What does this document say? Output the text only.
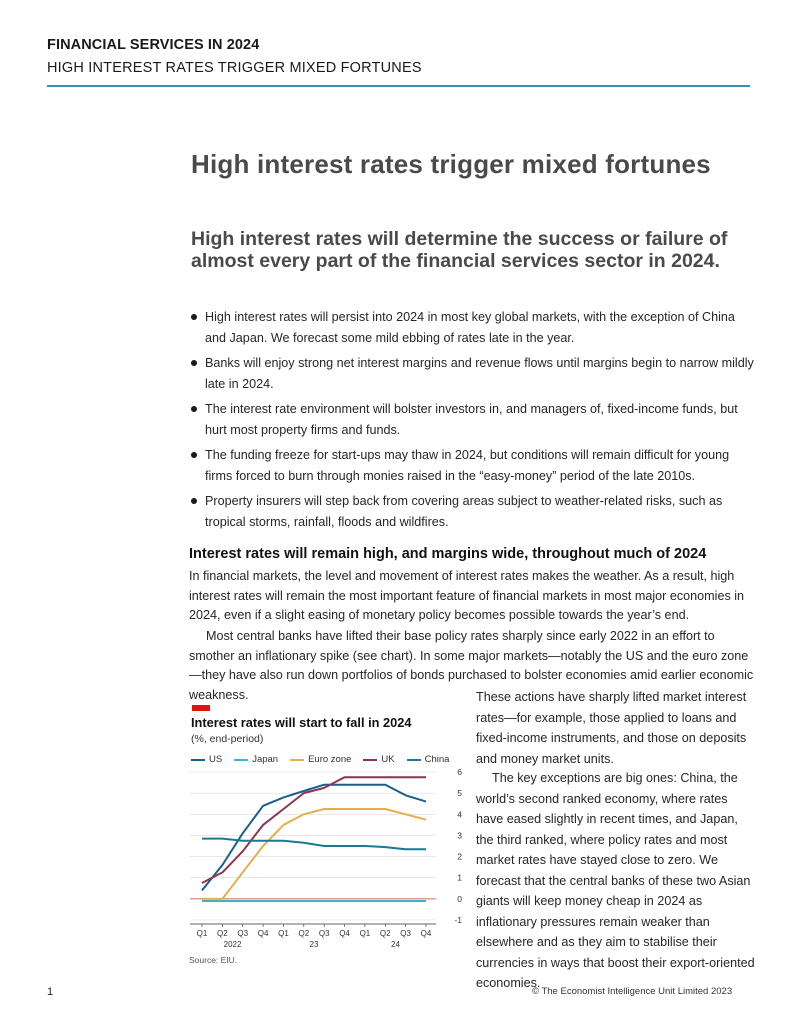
FINANCIAL SERVICES IN 2024
HIGH INTEREST RATES TRIGGER MIXED FORTUNES
High interest rates trigger mixed fortunes
High interest rates will determine the success or failure of almost every part of the financial services sector in 2024.
High interest rates will persist into 2024 in most key global markets, with the exception of China and Japan. We forecast some mild ebbing of rates late in the year.
Banks will enjoy strong net interest margins and revenue flows until margins begin to narrow mildly late in 2024.
The interest rate environment will bolster investors in, and managers of, fixed-income funds, but hurt most property firms and funds.
The funding freeze for start-ups may thaw in 2024, but conditions will remain difficult for young firms forced to burn through monies raised in the “easy-money” period of the late 2010s.
Property insurers will step back from covering areas subject to weather-related risks, such as tropical storms, rainfall, floods and wildfires.
Interest rates will remain high, and margins wide, throughout much of 2024

In financial markets, the level and movement of interest rates makes the weather. As a result, high interest rates will remain the most important feature of financial markets in most major economies in 2024, even if a slight easing of monetary policy becomes possible towards the year’s end.

Most central banks have lifted their base policy rates sharply since early 2022 in an effort to smother an inflationary spike (see chart). In some major markets—notably the US and the euro zone—they have also run down portfolios of bonds purchased to bolster economies amid earlier economic weakness.	These actions have sharply lifted market interest rates—for example, those applied to loans and fixed-income instruments, and those on deposits and money market units.

The key exceptions are big ones: China, the world’s second ranked economy, where rates have eased slightly in recent times, and Japan, the third ranked, where policy rates and most market rates have stayed close to zero. We forecast that the central banks of these two Asian giants will keep money cheap in 2024 as inflationary pressures remain weaker than elsewhere and as they aim to stabilise their currencies in ways that boost their export-oriented economies.

Interest rates will start to fall in 2024
(%, end-period)
US	Japan	Euro zone	UK	China
6
5
4
3
2
1
0
-1
Q1 Q2 Q3 Q4 Q1 Q2 Q3 Q4 Q1 Q2 Q3 Q4
2022	23	24
Source: EIU.
1	© The Economist Intelligence Unit Limited 2023
